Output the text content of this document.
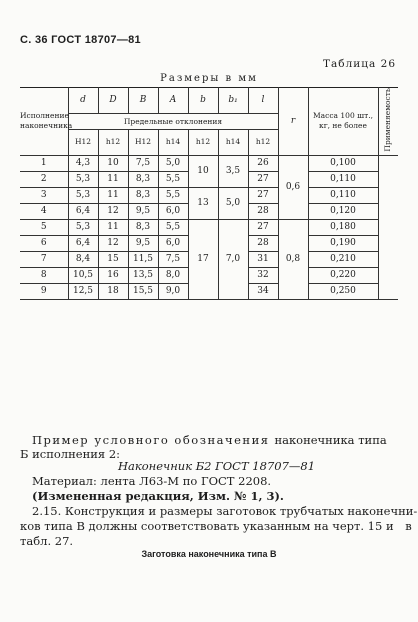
С. 36 ГОСТ 18707—81
Таблица 26
Размеры в мм
Исполнение наконечника	d	D	B	A	b	b₁	l	r	Масса 100 шт., кг, не более	Применяемость
	Предельные отклонения									
	H12	h12	H12	h14	h12	h14	h12			
1	4,3	10	7,5	5,0	10	3,5	26	0,6	0,100	
2	5,3	11	8,3	5,5			27		0,110	
3	5,3	11	8,3	5,5	13	5,0	27		0,110	
4	6,4	12	9,5	6,0			28		0,120	
5	5,3	11	8,3	5,5	17	7,0	27	0,8	0,180	
6	6,4	12	9,5	6,0			28		0,190	
7	8,4	15	11,5	7,5			31		0,210	
8	10,5	16	13,5	8,0			32		0,220	
9	12,5	18	15,5	9,0			34		0,250	
Пример условного обозначения наконечника типа
Б исполнения 2:
Наконечник Б2 ГОСТ 18707—81
Материал: лента Л63-М по ГОСТ 2208.
(Измененная редакция, Изм. № 1, 3).
2.15. Конструкция и размеры заготовок трубчатых наконечни-
ков типа В должны соответствовать указанным на черт. 15 и в
табл. 27.
Заготовка наконечника типа В
